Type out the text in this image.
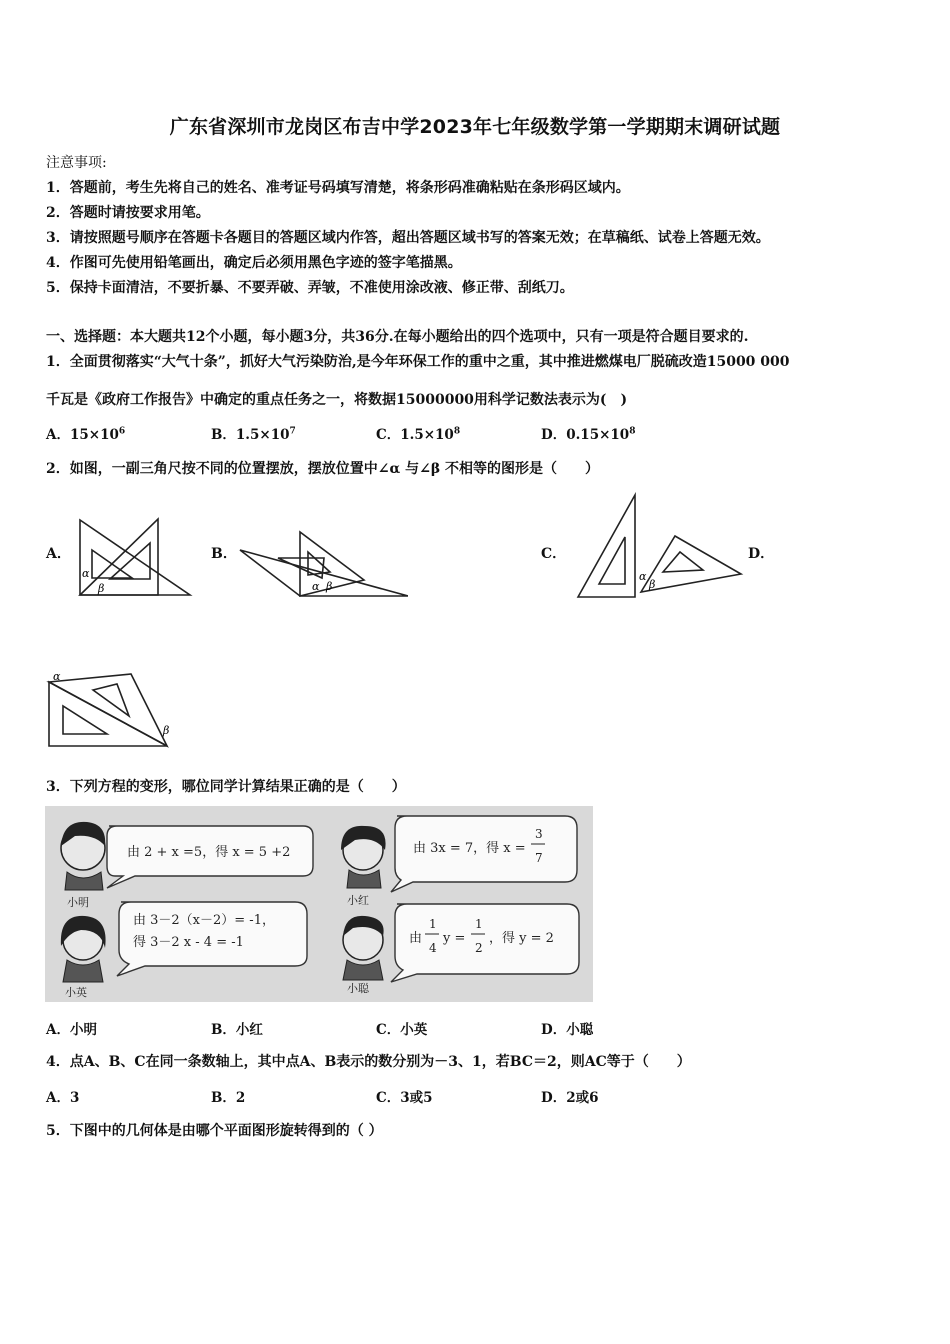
广东省深圳市龙岗区布吉中学2023年七年级数学第一学期期末调研试题
注意事项:
1．答题前，考生先将自己的姓名、准考证号码填写清楚，将条形码准确粘贴在条形码区域内。
2．答题时请按要求用笔。
3．请按照题号顺序在答题卡各题目的答题区域内作答，超出答题区域书写的答案无效；在草稿纸、试卷上答题无效。
4．作图可先使用铅笔画出，确定后必须用黑色字迹的签字笔描黑。
5．保持卡面清洁，不要折暴、不要弄破、弄皱，不准使用涂改液、修正带、刮纸刀。
一、选择题：本大题共12个小题，每小题3分，共36分.在每小题给出的四个选项中，只有一项是符合题目要求的.
1．全面贯彻落实“大气十条”，抓好大气污染防治,是今年环保工作的重中之重，其中推进燃煤电厂脱硫改造15000 000
千瓦是《政府工作报告》中确定的重点任务之一，将数据15000000用科学记数法表示为(　)
A．$15\times 10^6$	B．$1.5\times 10^7$	C．$1.5\times 10^8$	D．$0.15\times 10^8$
2．如图，一副三角尺按不同的位置摆放，摆放位置中∠α 与∠β 不相等的图形是（　　）
A．	B．	C．	D．
α
β	α β
α
β
α
β
3．下列方程的变形，哪位同学计算结果正确的是（　　）
小明
由 2 + x =5，得 x = 5 +2
小红
由 3x = 7，得 x =
3
7
小英
由 3－2（x－2）= -1，
得 3－2 x - 4 = -1
小聪
由
1
4
y =
1
2
，得 y = 2
A．小明	B．小红	C．小英	D．小聪
4．点A、B、C在同一条数轴上，其中点A、B表示的数分别为－3、1，若BC＝2，则AC等于（　　）
A．3	B．2	C．3或5	D．2或6
5．下图中的几何体是由哪个平面图形旋转得到的（ ）
